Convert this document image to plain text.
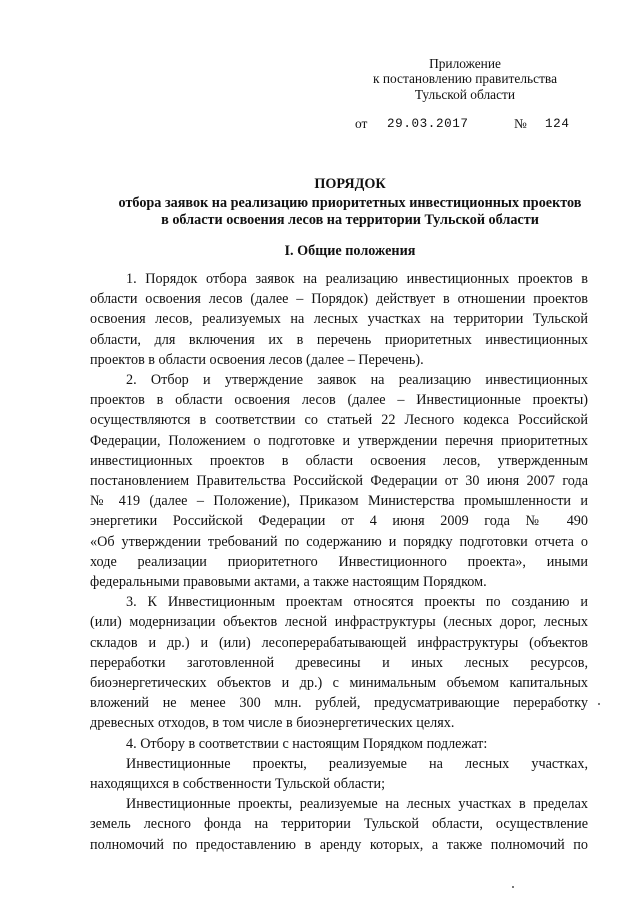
Приложение
к постановлению правительства
Тульской области
от 29.03.2017	№ 124
ПОРЯДОК
отбора заявок на реализацию приоритетных инвестиционных проектов
в области освоения лесов на территории Тульской области
I. Общие положения
1. Порядок отбора заявок на реализацию инвестиционных проектов в
области освоения лесов (далее – Порядок) действует в отношении проектов
освоения лесов, реализуемых на лесных участках на территории Тульской
области, для включения их в перечень приоритетных инвестиционных
проектов в области освоения лесов (далее – Перечень).
2. Отбор и утверждение заявок на реализацию инвестиционных
проектов в области освоения лесов (далее – Инвестиционные проекты)
осуществляются в соответствии со статьей 22 Лесного кодекса Российской
Федерации, Положением о подготовке и утверждении перечня приоритетных
инвестиционных проектов в области освоения лесов, утвержденным
постановлением Правительства Российской Федерации от 30 июня 2007 года
№ 419 (далее – Положение), Приказом Министерства промышленности и
энергетики Российской Федерации от 4 июня 2009 года № 490
«Об утверждении требований по содержанию и порядку подготовки отчета о
ходе реализации приоритетного Инвестиционного проекта», иными
федеральными правовыми актами, а также настоящим Порядком.
3. К Инвестиционным проектам относятся проекты по созданию и
(или) модернизации объектов лесной инфраструктуры (лесных дорог, лесных
складов и др.) и (или) лесоперерабатывающей инфраструктуры (объектов
переработки заготовленной древесины и иных лесных ресурсов,
биоэнергетических объектов и др.) с минимальным объемом капитальных
вложений не менее 300 млн. рублей, предусматривающие переработку
древесных отходов, в том числе в биоэнергетических целях.
4. Отбору в соответствии с настоящим Порядком подлежат:
Инвестиционные проекты, реализуемые на лесных участках,
находящихся в собственности Тульской области;
Инвестиционные проекты, реализуемые на лесных участках в пределах
земель лесного фонда на территории Тульской области, осуществление
полномочий по предоставлению в аренду которых, а также полномочий по
